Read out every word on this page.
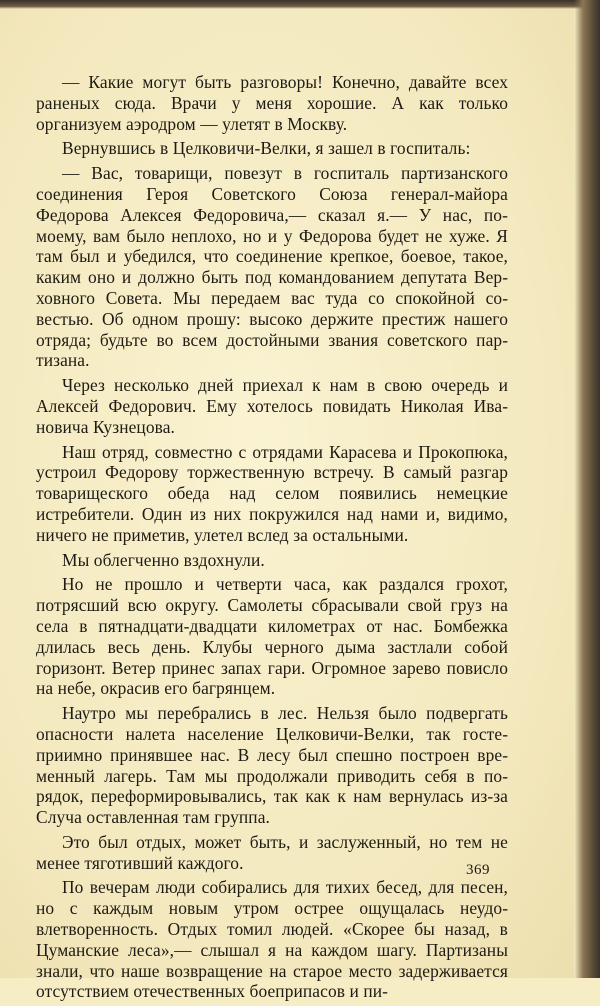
— Какие могут быть разговоры! Конечно, давайте всех раненых сюда. Врачи у меня хорошие. А как только организуем аэродром — улетят в Москву.

Вернувшись в Целковичи-Велки, я зашел в госпиталь:

— Вас, товарищи, повезут в госпиталь партизанского соединения Героя Советского Союза генерал-майора Федорова Алексея Федоровича,— сказал я.— У нас, по-моему, вам было неплохо, но и у Федорова будет не хуже. Я там был и убедился, что соединение крепкое, боевое, такое, каким оно и должно быть под командованием депутата Верховного Совета. Мы передаем вас туда со спокойной совестью. Об одном прошу: высоко держите престиж нашего отряда; будьте во всем достойными звания советского партизана.

Через несколько дней приехал к нам в свою очередь и Алексей Федорович. Ему хотелось повидать Николая Ивановича Кузнецова.

Наш отряд, совместно с отрядами Карасева и Прокопюка, устроил Федорову торжественную встречу. В самый разгар товарищеского обеда над селом появились немецкие истребители. Один из них покружился над нами и, видимо, ничего не приметив, улетел вслед за остальными.

Мы облегченно вздохнули.

Но не прошло и четверти часа, как раздался грохот, потрясший всю округу. Самолеты сбрасывали свой груз на села в пятнадцати-двадцати километрах от нас. Бомбежка длилась весь день. Клубы черного дыма застлали собой горизонт. Ветер принес запах гари. Огромное зарево повисло на небе, окрасив его багрянцем.

Наутро мы перебрались в лес. Нельзя было подвергать опасности налета население Целковичи-Велки, так гостеприимно принявшее нас. В лесу был спешно построен временный лагерь. Там мы продолжали приводить себя в порядок, переформировывались, так как к нам вернулась из-за Случа оставленная там группа.

Это был отдых, может быть, и заслуженный, но тем не менее тяготивший каждого.

По вечерам люди собирались для тихих бесед, для песен, но с каждым новым утром острее ощущалась неудовлетворенность. Отдых томил людей. «Скорее бы назад, в Цуманские леса»,— слышал я на каждом шагу. Партизаны знали, что наше возвращение на старое место задерживается отсутствием отечественных боеприпасов и пи-

369
